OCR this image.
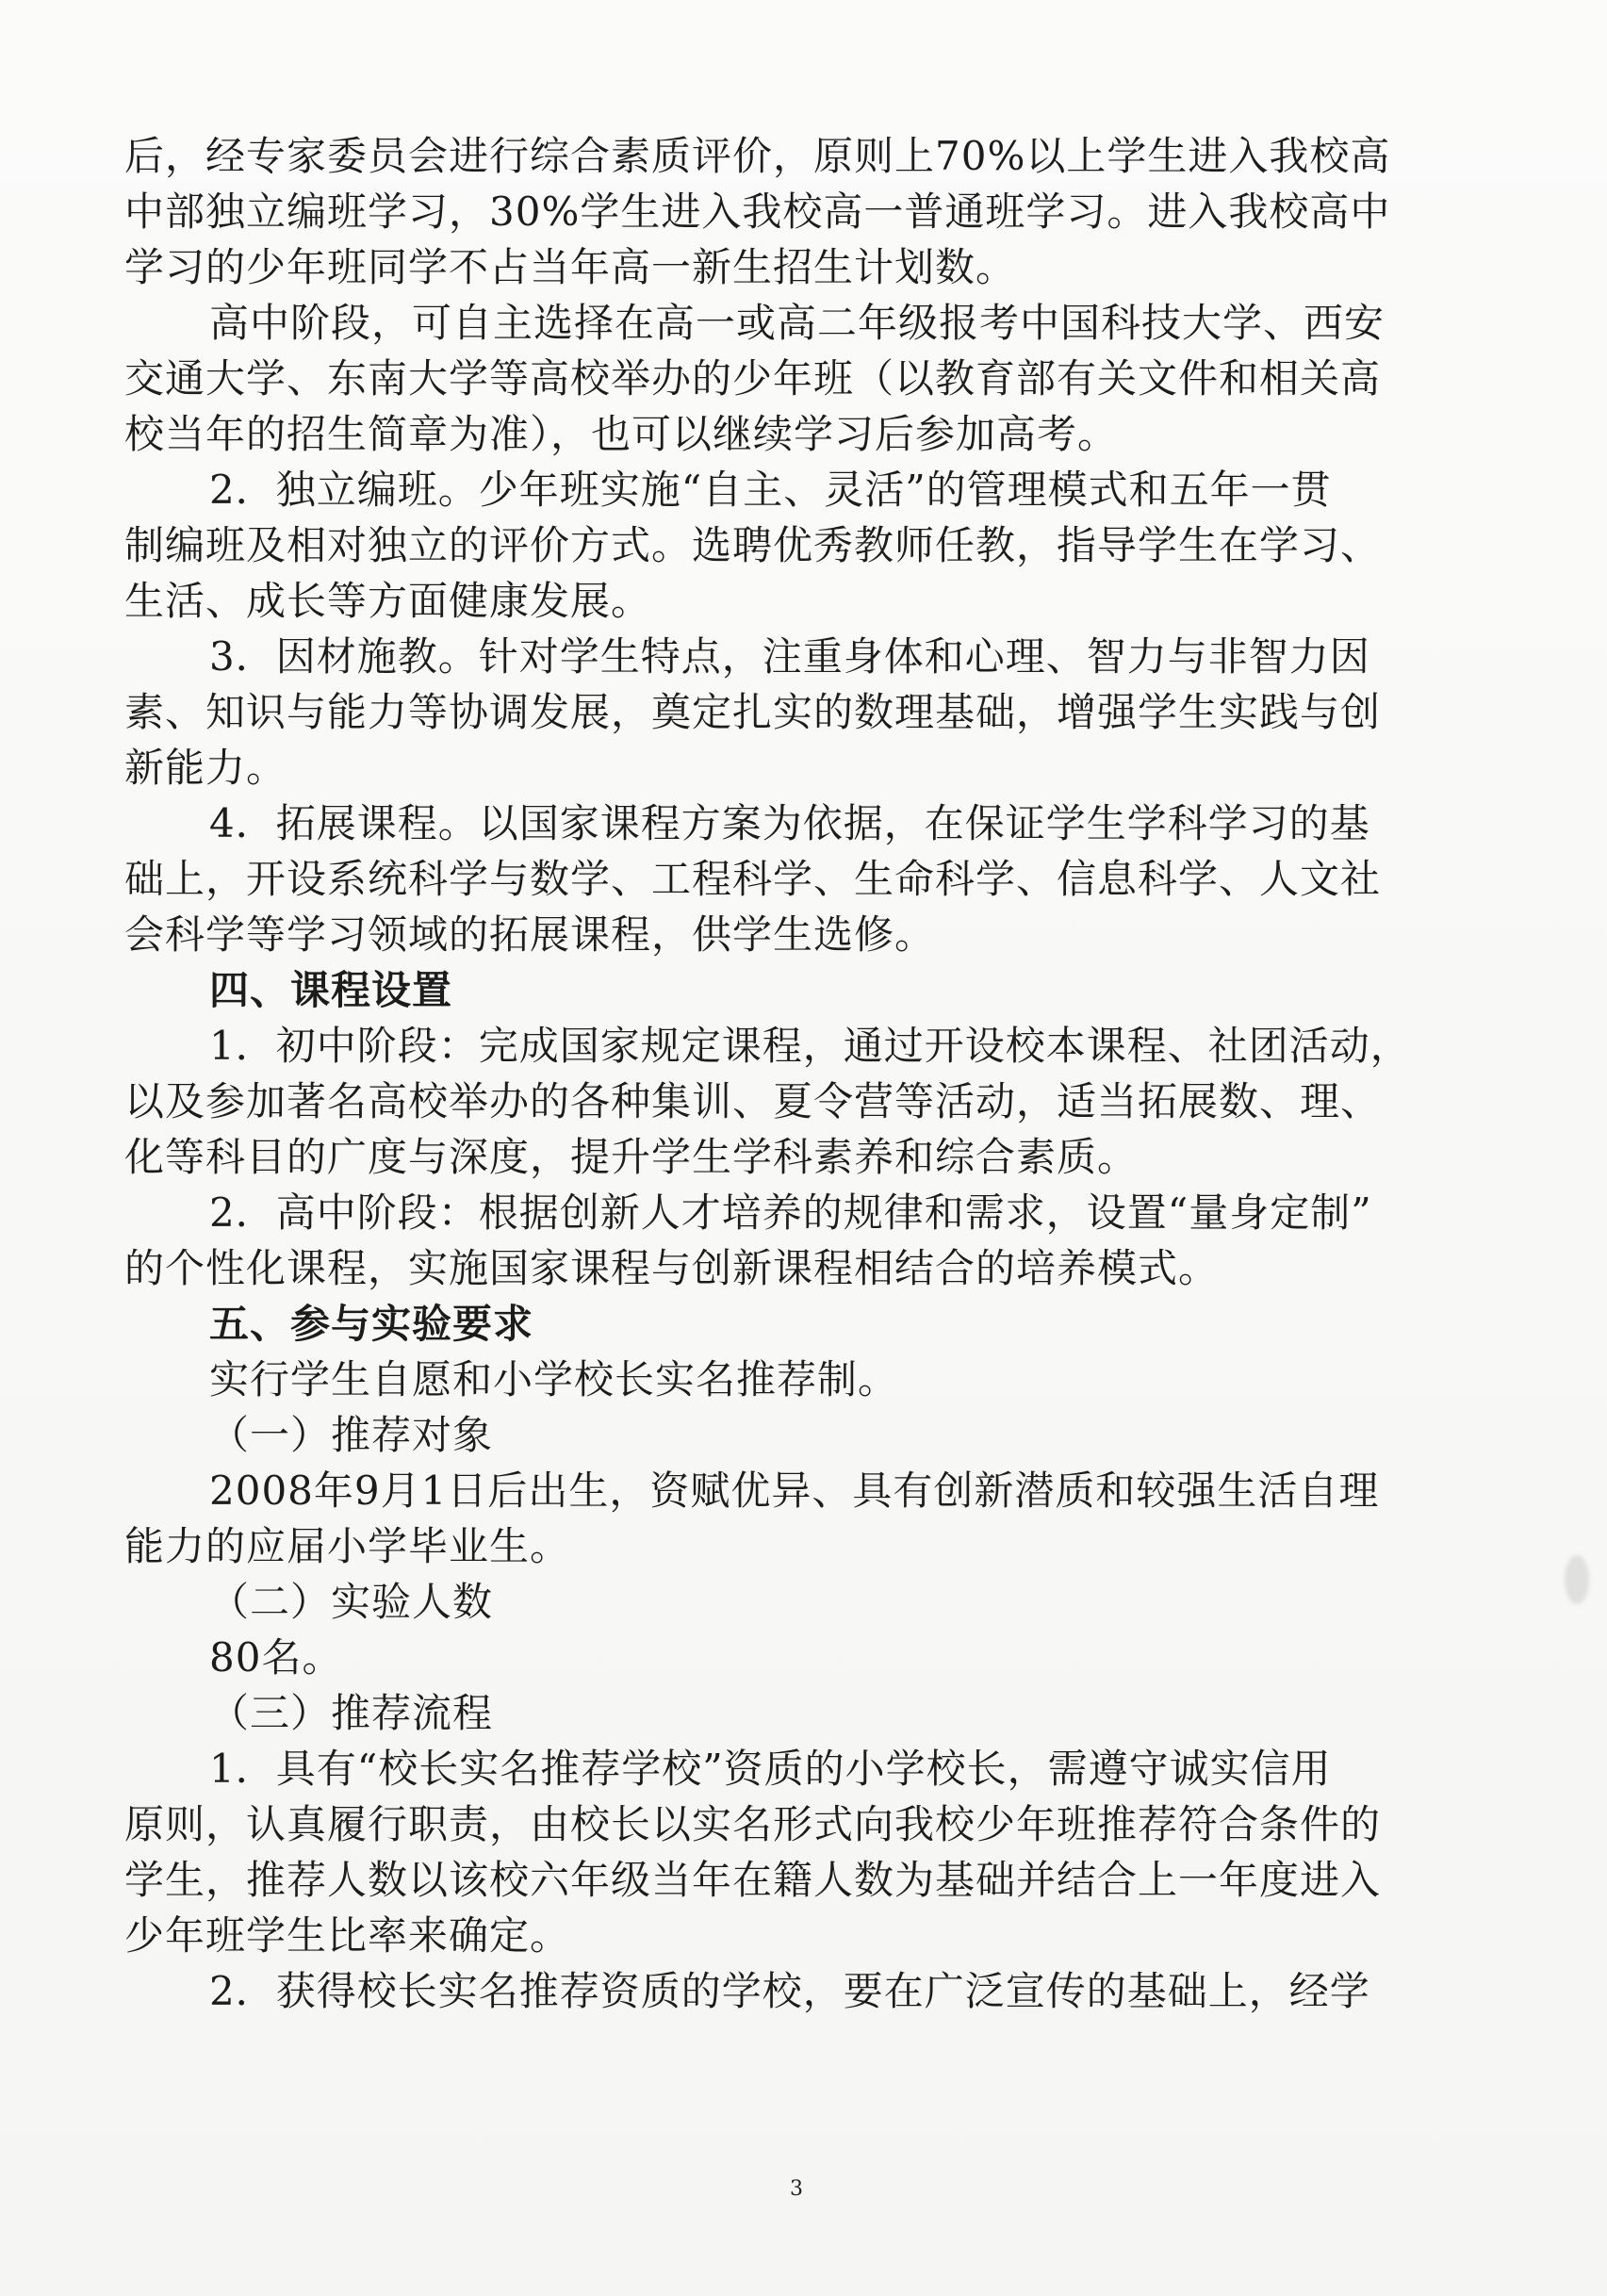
后，经专家委员会进行综合素质评价，原则上70%以上学生进入我校高
中部独立编班学习，30%学生进入我校高一普通班学习。进入我校高中
学习的少年班同学不占当年高一新生招生计划数。
高中阶段，可自主选择在高一或高二年级报考中国科技大学、西安
交通大学、东南大学等高校举办的少年班（以教育部有关文件和相关高
校当年的招生简章为准），也可以继续学习后参加高考。
2．独立编班。少年班实施“自主、灵活”的管理模式和五年一贯
制编班及相对独立的评价方式。选聘优秀教师任教，指导学生在学习、
生活、成长等方面健康发展。
3．因材施教。针对学生特点，注重身体和心理、智力与非智力因
素、知识与能力等协调发展，奠定扎实的数理基础，增强学生实践与创
新能力。
4．拓展课程。以国家课程方案为依据，在保证学生学科学习的基
础上，开设系统科学与数学、工程科学、生命科学、信息科学、人文社
会科学等学习领域的拓展课程，供学生选修。
四、课程设置
1．初中阶段：完成国家规定课程，通过开设校本课程、社团活动，
以及参加著名高校举办的各种集训、夏令营等活动，适当拓展数、理、
化等科目的广度与深度，提升学生学科素养和综合素质。
2．高中阶段：根据创新人才培养的规律和需求，设置“量身定制”
的个性化课程，实施国家课程与创新课程相结合的培养模式。
五、参与实验要求
实行学生自愿和小学校长实名推荐制。
（一）推荐对象
2008年9月1日后出生，资赋优异、具有创新潜质和较强生活自理
能力的应届小学毕业生。
（二）实验人数
80名。
（三）推荐流程
1．具有“校长实名推荐学校”资质的小学校长，需遵守诚实信用
原则，认真履行职责，由校长以实名形式向我校少年班推荐符合条件的
学生，推荐人数以该校六年级当年在籍人数为基础并结合上一年度进入
少年班学生比率来确定。
2．获得校长实名推荐资质的学校，要在广泛宣传的基础上，经学
3
